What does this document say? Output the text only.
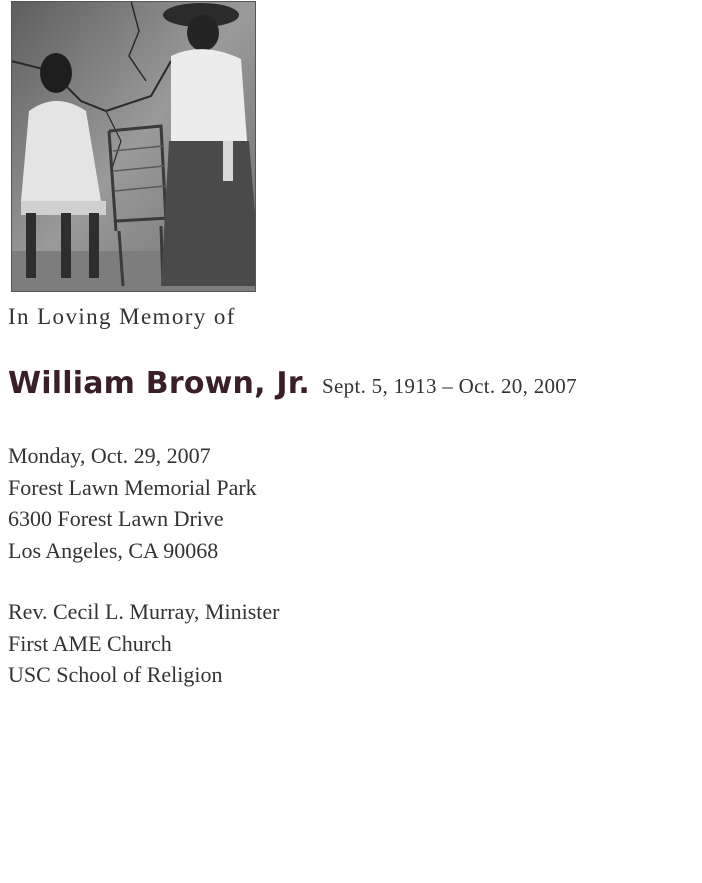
In Loving Memory of

William Brown, Jr. Sept. 5, 1913 – Oct. 20, 2007

Monday, Oct. 29, 2007
Forest Lawn Memorial Park
6300 Forest Lawn Drive
Los Angeles, CA 90068
Rev. Cecil L. Murray, Minister
First AME Church
USC School of Religion
